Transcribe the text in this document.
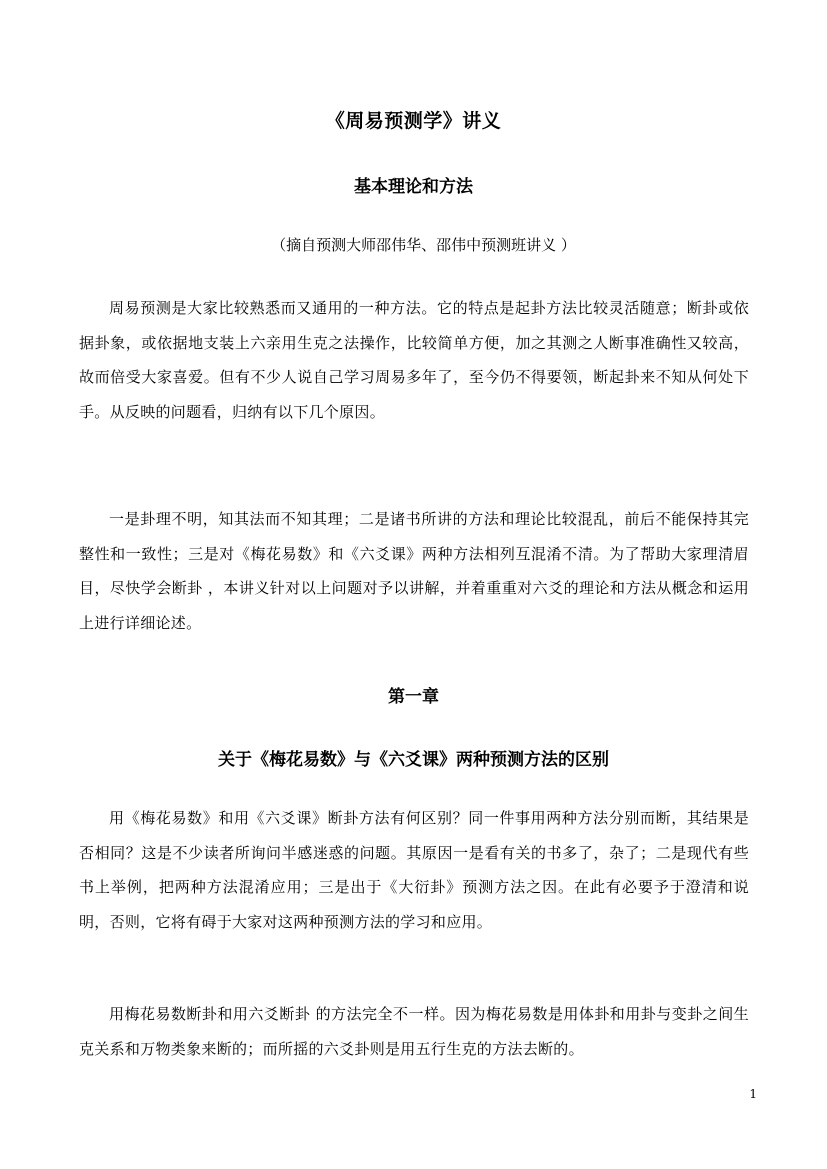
《周易预测学》讲义
基本理论和方法
（摘自预测大师邵伟华、邵伟中预测班讲义 ）

周易预测是大家比较熟悉而又通用的一种方法。它的特点是起卦方法比较灵活随意；断卦或依据卦象，或依据地支装上六亲用生克之法操作，比较简单方便，加之其测之人断事准确性又较高，故而倍受大家喜爱。但有不少人说自己学习周易多年了，至今仍不得要领，断起卦来不知从何处下手。从反映的问题看，归纳有以下几个原因。

一是卦理不明，知其法而不知其理；二是诸书所讲的方法和理论比较混乱，前后不能保持其完整性和一致性；三是对《梅花易数》和《六爻课》两种方法相列互混淆不清。为了帮助大家理清眉目，尽快学会断卦 ，本讲义针对以上问题对予以讲解，并着重重对六爻的理论和方法从概念和运用上进行详细论述。

第一章
关于《梅花易数》与《六爻课》两种预测方法的区别

用《梅花易数》和用《六爻课》断卦方法有何区别？同一件事用两种方法分别而断，其结果是否相同？这是不少读者所询问半感迷惑的问题。其原因一是看有关的书多了，杂了；二是现代有些书上举例，把两种方法混淆应用；三是出于《大衍卦》预测方法之因。在此有必要予于澄清和说明，否则，它将有碍于大家对这两种预测方法的学习和应用。

用梅花易数断卦和用六爻断卦 的方法完全不一样。因为梅花易数是用体卦和用卦与变卦之间生克关系和万物类象来断的；而所摇的六爻卦则是用五行生克的方法去断的。

1
